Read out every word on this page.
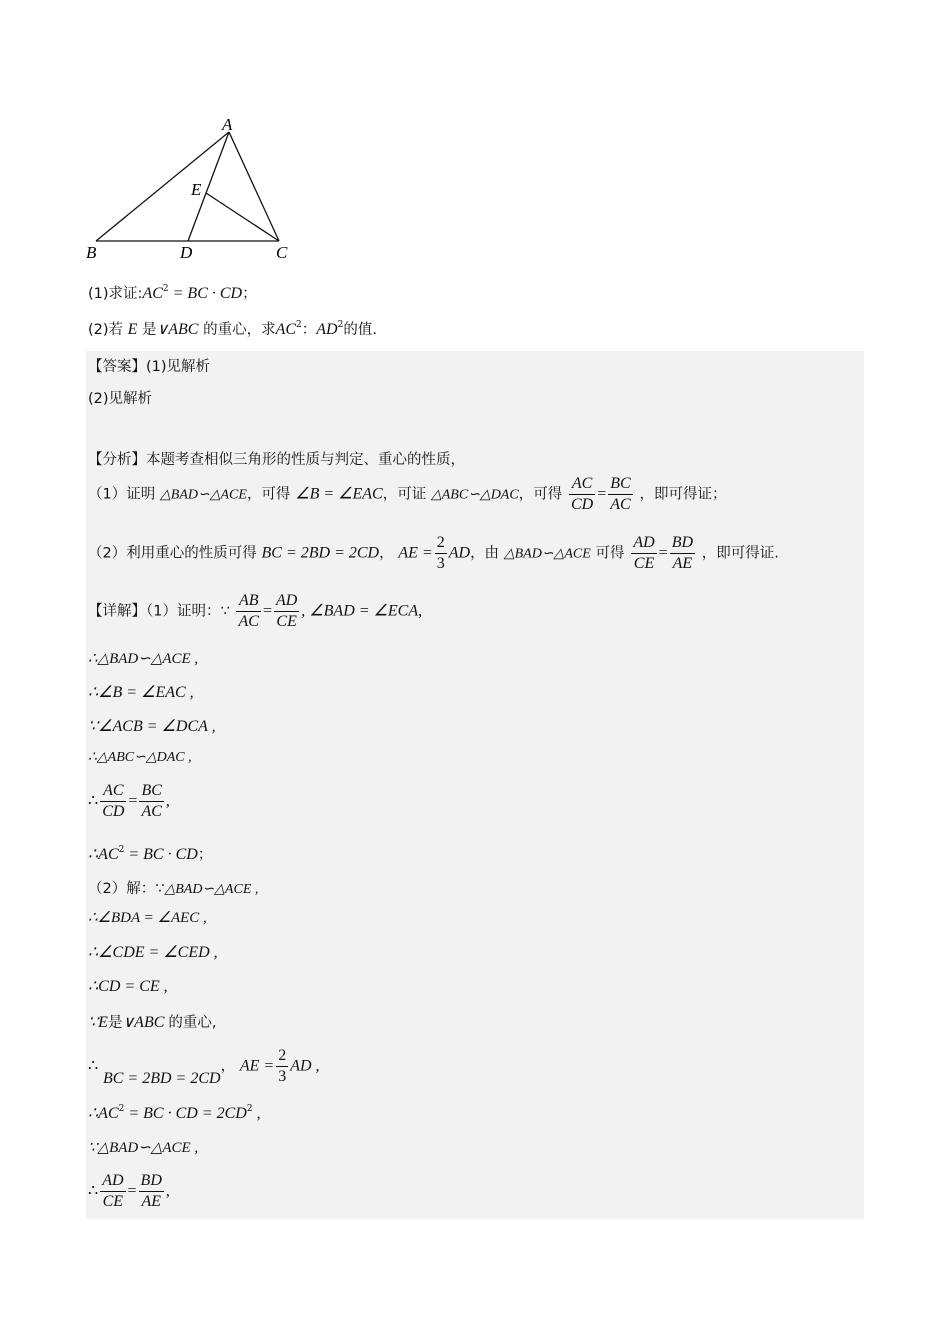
A
B	C
D
E
(1)求证$:AC^2$ = BC · CD；
(2)若 E 是∨ABC 的重心，求$AC^2$：$AD^2$的值.
【答案】(1)见解析
(2)见解析
【分析】本题考查相似三角形的性质与判定、重心的性质，
（1）证明 △BAD∽△ACE，可得 ∠B = ∠EAC，可证 △ABC∽△DAC，可得 $\frac{AC}{CD} = \frac{BC}{AC}$ ，即可得证；
（2）利用重心的性质可得 BC = 2BD = 2CD， AE = $\frac{2}{3}$ AD，由 △BAD∽△ACE 可得 $\frac{AD}{CE} = \frac{BD}{AE}$ ，即可得证.
【详解】（1）证明：∵ $\frac{AB}{AC} = \frac{AD}{CE}$ , ∠BAD = ∠ECA,
∴△BAD∽△ACE ,
∴∠B = ∠EAC ,
∵∠ACB = ∠DCA ,
∴△ABC∽△DAC ,
∴ $\frac{AC}{CD} = \frac{BC}{AC}$ ,
$\therefore AC^2$ = BC · CD；
（2）解：∵△BAD∽△ACE ,
∴∠BDA = ∠AEC ,
∴∠CDE = ∠CED ,
∴CD = CE ,
∵E是∨ABC 的重心,
∴ BC = 2BD = 2CD， AE = $\frac{2}{3}$ AD ,
$\therefore AC^2$ = BC · CD = $2CD^2$ ,
∵△BAD∽△ACE ,
∴ $\frac{AD}{CE} = \frac{BD}{AE}$ ,
